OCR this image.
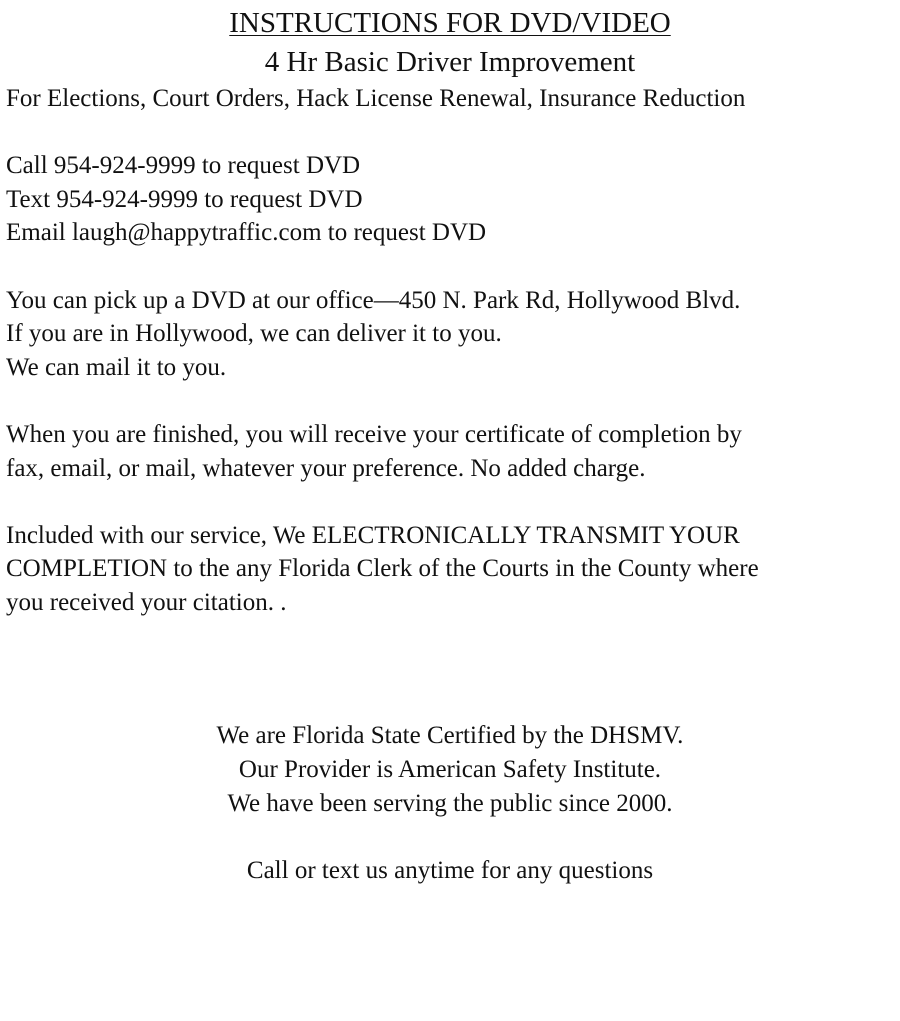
INSTRUCTIONS FOR DVD/VIDEO
4 Hr Basic Driver Improvement
For Elections, Court Orders, Hack License Renewal, Insurance Reduction
Call 954-924-9999 to request DVD
Text 954-924-9999 to request DVD
Email laugh@happytraffic.com to request DVD
You can pick up a DVD at our office—450 N. Park Rd, Hollywood Blvd.
If you are in Hollywood, we can deliver it to you.
We can mail it to you.
When you are finished, you will receive your certificate of completion by
fax, email, or mail, whatever your preference. No added charge.
Included with our service, We ELECTRONICALLY TRANSMIT YOUR
COMPLETION to the any Florida Clerk of the Courts in the County where
you received your citation. .
We are Florida State Certified by the DHSMV.
Our Provider is American Safety Institute.
We have been serving the public since 2000.
Call or text us anytime for any questions
